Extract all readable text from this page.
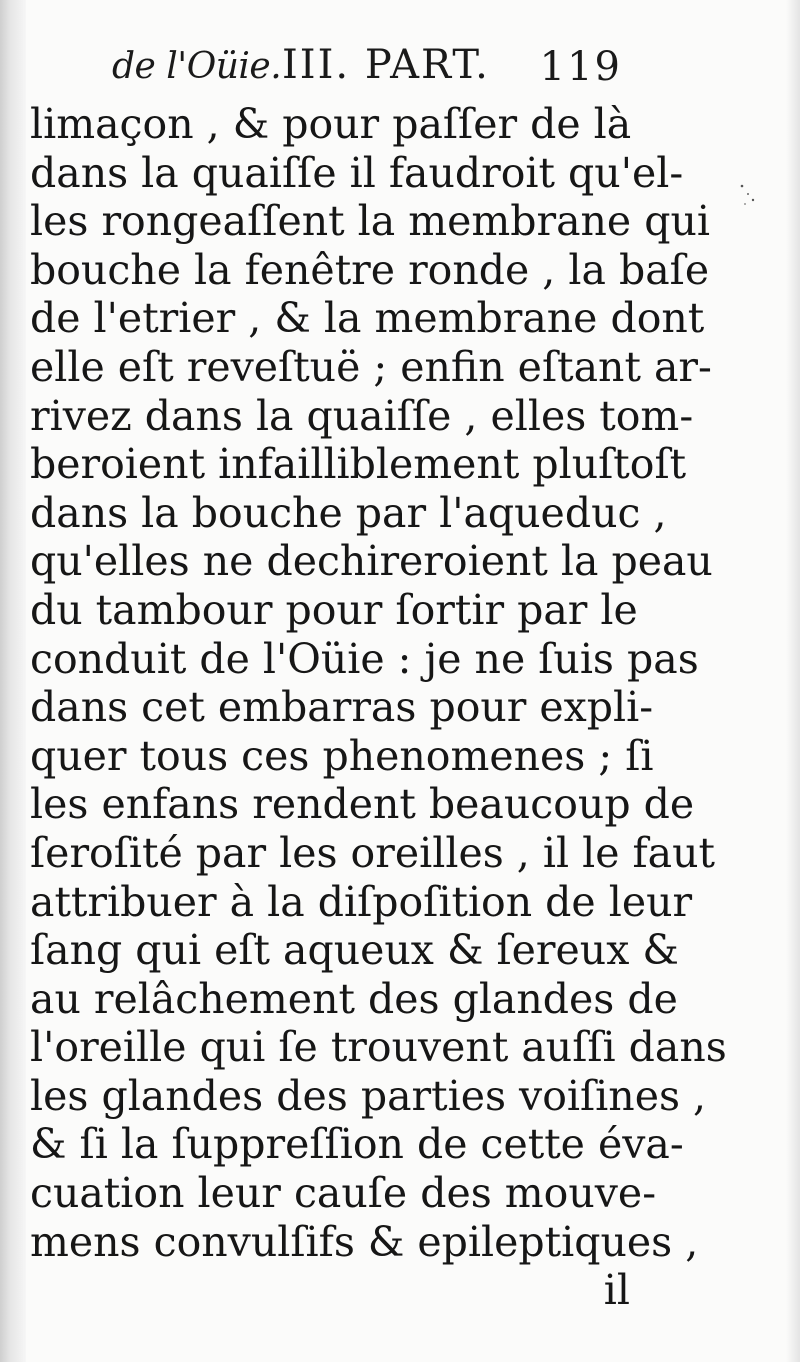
de l'Oüie. III. PART. 119
limaçon , & pour paſſer de là
dans la quaiſſe il faudroit qu'el-
les rongeaſſent la membrane qui
bouche la fenêtre ronde , la baſe
de l'etrier , & la membrane dont
elle eſt reveſtuë ; enfin eſtant ar-
rivez dans la quaiſſe , elles tom-
beroient infailliblement pluſtoſt
dans la bouche par l'aqueduc ,
qu'elles ne dechireroient la peau
du tambour pour ſortir par le
conduit de l'Oüie : je ne ſuis pas
dans cet embarras pour expli-
quer tous ces phenomenes ; ſi
les enfans rendent beaucoup de
ſeroſité par les oreilles , il le faut
attribuer à la diſpoſition de leur
ſang qui eſt aqueux & ſereux &
au relâchement des glandes de
l'oreille qui ſe trouvent auſſi dans
les glandes des parties voiſines ,
& ſi la ſuppreſſion de cette éva-
cuation leur cauſe des mouve-
mens convulſifs & epileptiques ,
il
